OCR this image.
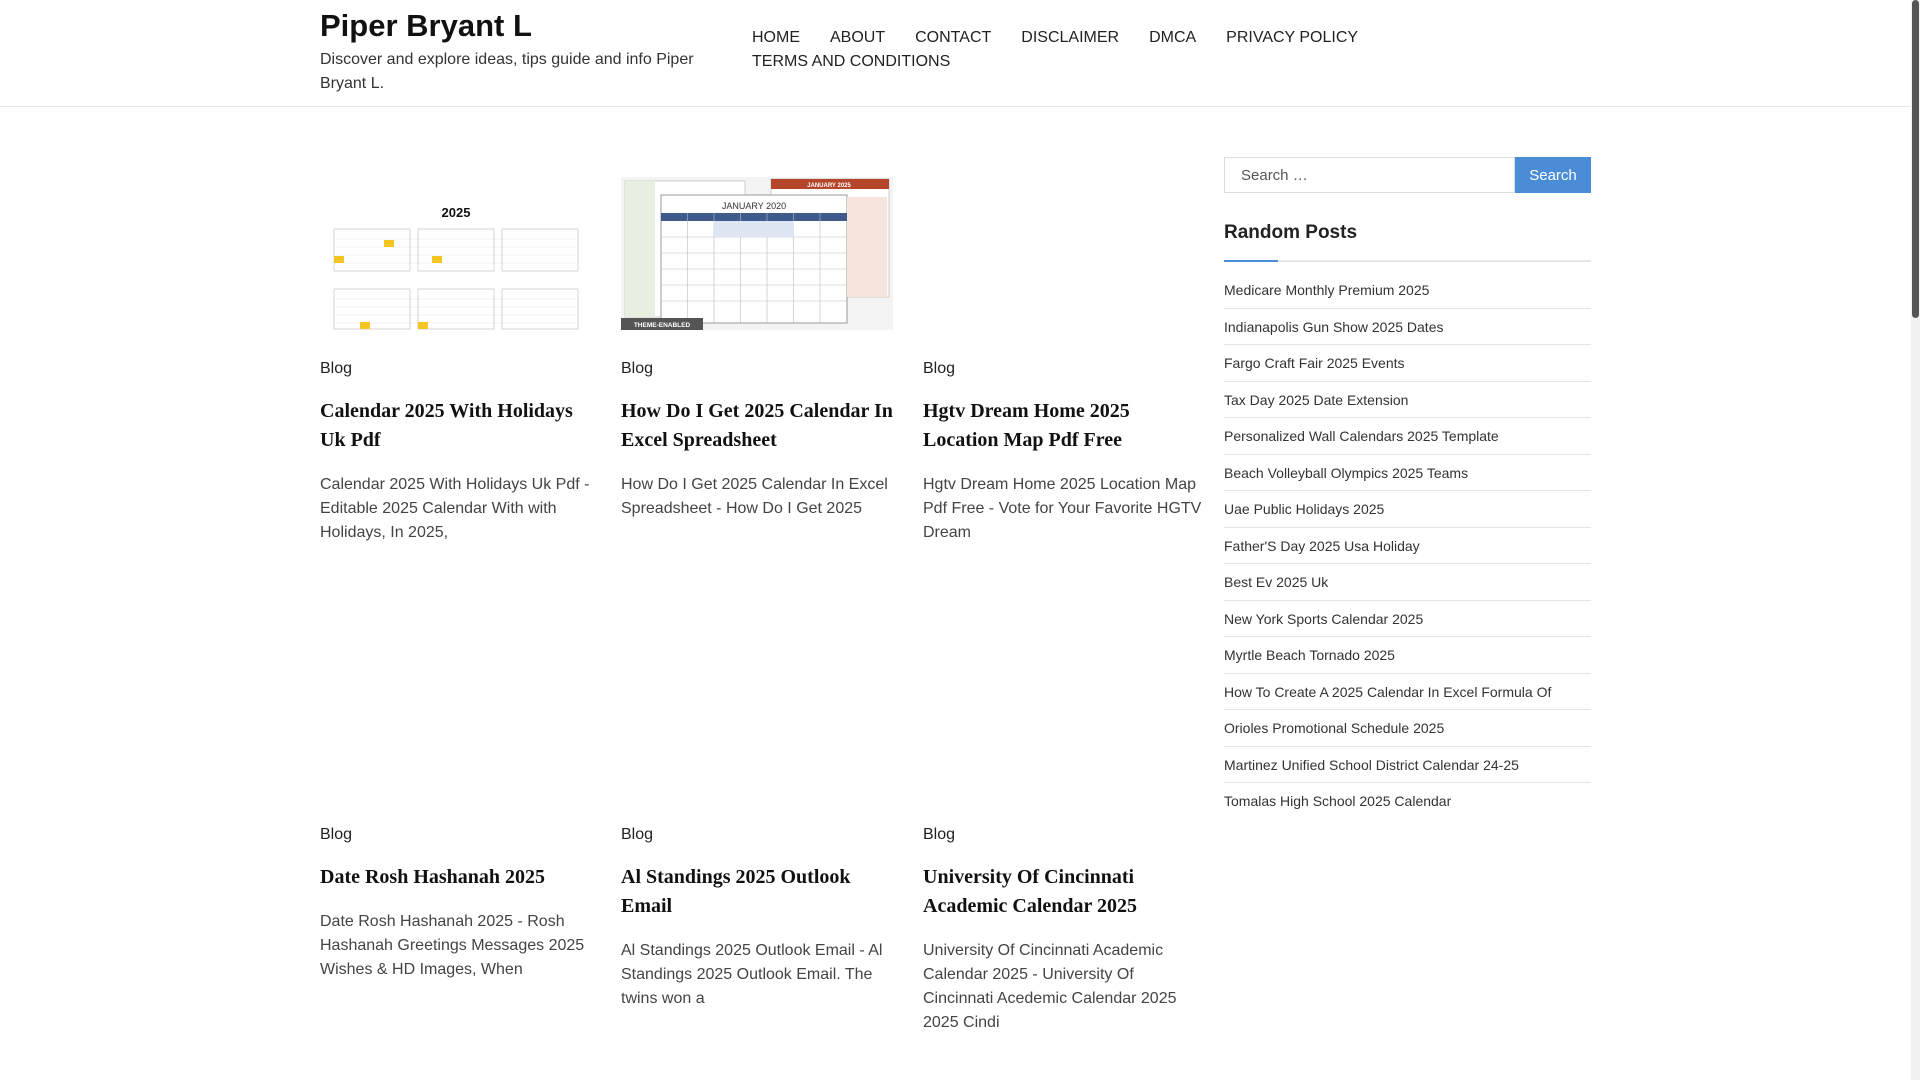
Piper Bryant L
Discover and explore ideas, tips guide and info Piper Bryant L.
HOME ABOUT CONTACT DISCLAIMER DMCA PRIVACY POLICY
TERMS AND CONDITIONS
2025
Blog
Calendar 2025 With Holidays Uk Pdf
Calendar 2025 With Holidays Uk Pdf - Editable 2025 Calendar With with Holidays, In 2025,
JANUARY 2025
JANUARY 2020
THEME-ENABLED
Blog
How Do I Get 2025 Calendar In Excel Spreadsheet
How Do I Get 2025 Calendar In Excel Spreadsheet - How Do I Get 2025
Blog
Hgtv Dream Home 2025 Location Map Pdf Free
Hgtv Dream Home 2025 Location Map Pdf Free - Vote for Your Favorite HGTV Dream
Blog
Date Rosh Hashanah 2025
Date Rosh Hashanah 2025 - Rosh Hashanah Greetings Messages 2025 Wishes & HD Images, When
Blog
Al Standings 2025 Outlook Email
Al Standings 2025 Outlook Email - Al Standings 2025 Outlook Email. The twins won a
Blog
University Of Cincinnati Academic Calendar 2025
University Of Cincinnati Academic Calendar 2025 - University Of Cincinnati Acedemic Calendar 2025 2025 Cindi
Search …
Search
Random Posts
Medicare Monthly Premium 2025
Indianapolis Gun Show 2025 Dates
Fargo Craft Fair 2025 Events
Tax Day 2025 Date Extension
Personalized Wall Calendars 2025 Template
Beach Volleyball Olympics 2025 Teams
Uae Public Holidays 2025
Father'S Day 2025 Usa Holiday
Best Ev 2025 Uk
New York Sports Calendar 2025
Myrtle Beach Tornado 2025
How To Create A 2025 Calendar In Excel Formula Of
Orioles Promotional Schedule 2025
Martinez Unified School District Calendar 24-25
Tomalas High School 2025 Calendar
